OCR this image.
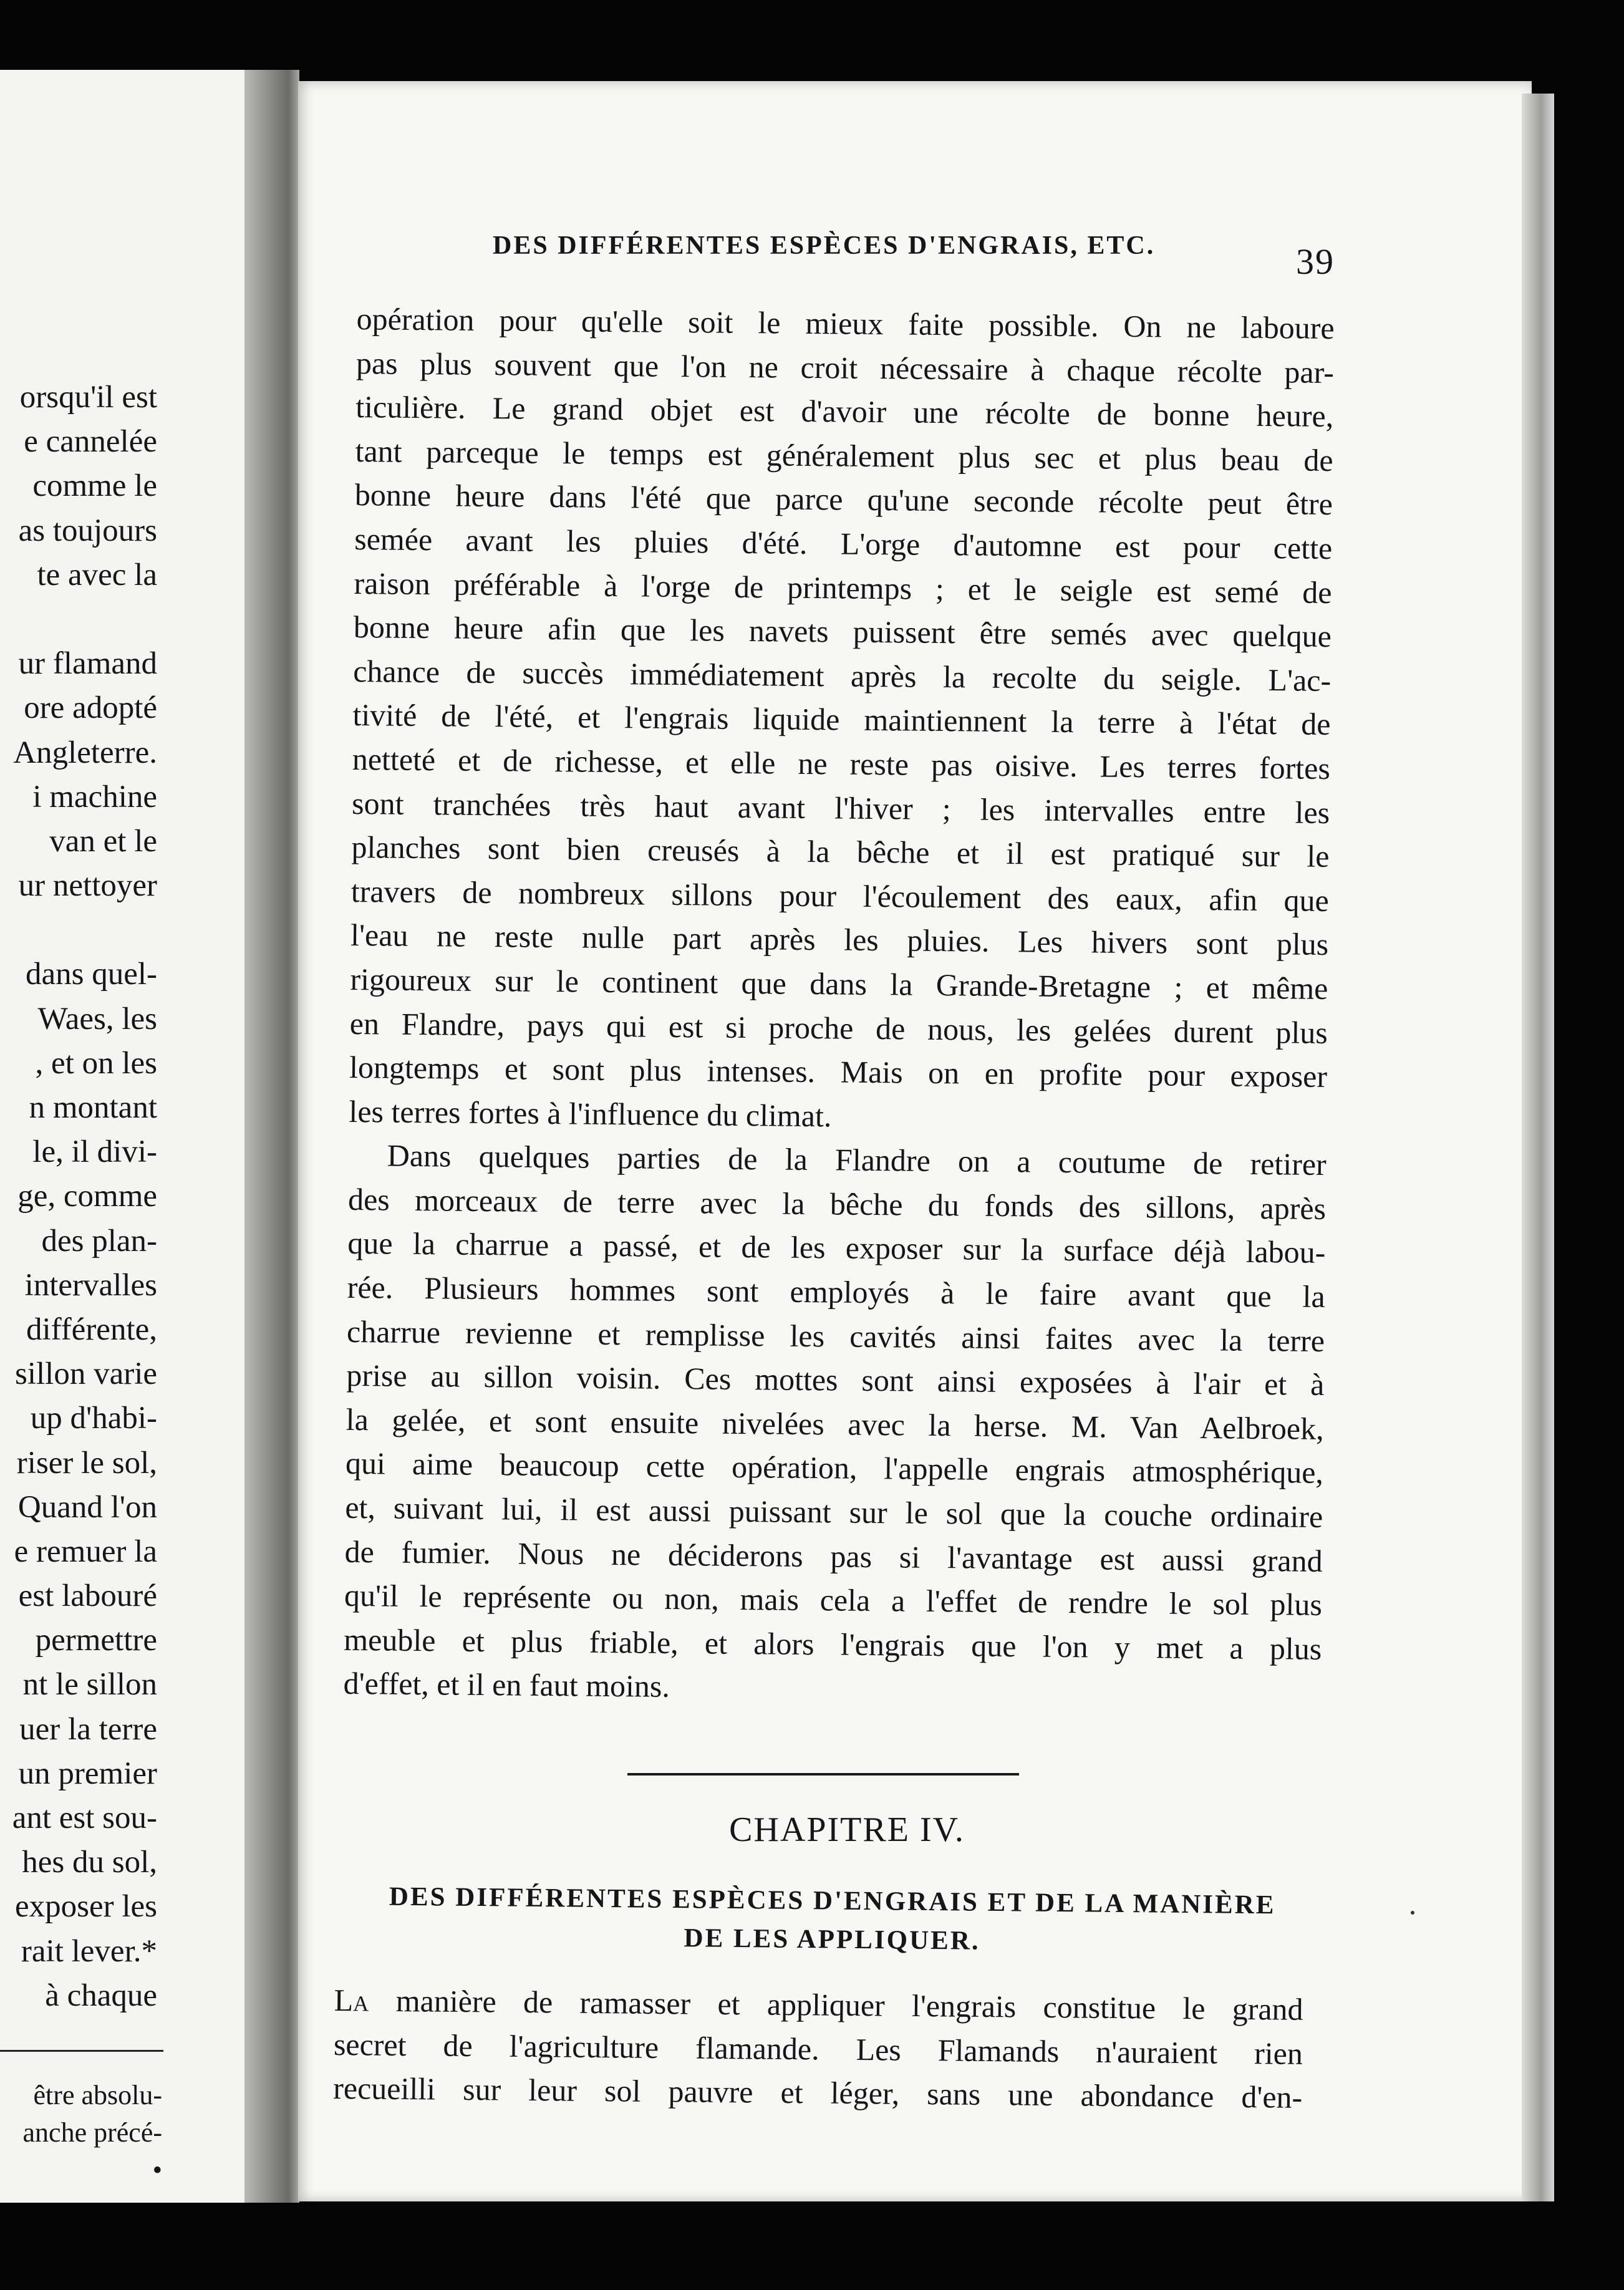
orsqu'il est
e cannelée
comme le
as toujours
te avec la
ur flamand
ore adopté
Angleterre.
i machine
van et le
ur nettoyer
dans quel-
Waes, les
, et on les
n montant
le, il divi-
ge, comme
des plan-
intervalles
différente,
sillon varie
up d'habi-
riser le sol,
Quand l'on
e remuer la
est labouré
permettre
nt le sillon
uer la terre
un premier
ant est sou-
hes du sol,
exposer les
rait lever.*
à chaque
être absolu-
anche précé-
•
DES DIFFÉRENTES ESPÈCES D'ENGRAIS, ETC.	39
opération pour qu'elle soit le mieux faite possible. On ne laboure
pas plus souvent que l'on ne croit nécessaire à chaque récolte par-
ticulière. Le grand objet est d'avoir une récolte de bonne heure,
tant parceque le temps est généralement plus sec et plus beau de
bonne heure dans l'été que parce qu'une seconde récolte peut être
semée avant les pluies d'été. L'orge d'automne est pour cette
raison préférable à l'orge de printemps ; et le seigle est semé de
bonne heure afin que les navets puissent être semés avec quelque
chance de succès immédiatement après la recolte du seigle. L'ac-
tivité de l'été, et l'engrais liquide maintiennent la terre à l'état de
netteté et de richesse, et elle ne reste pas oisive. Les terres fortes
sont tranchées très haut avant l'hiver ; les intervalles entre les
planches sont bien creusés à la bêche et il est pratiqué sur le
travers de nombreux sillons pour l'écoulement des eaux, afin que
l'eau ne reste nulle part après les pluies. Les hivers sont plus
rigoureux sur le continent que dans la Grande-Bretagne ; et même
en Flandre, pays qui est si proche de nous, les gelées durent plus
longtemps et sont plus intenses. Mais on en profite pour exposer
les terres fortes à l'influence du climat.
Dans quelques parties de la Flandre on a coutume de retirer
des morceaux de terre avec la bêche du fonds des sillons, après
que la charrue a passé, et de les exposer sur la surface déjà labou-
rée. Plusieurs hommes sont employés à le faire avant que la
charrue revienne et remplisse les cavités ainsi faites avec la terre
prise au sillon voisin. Ces mottes sont ainsi exposées à l'air et à
la gelée, et sont ensuite nivelées avec la herse. M. Van Aelbroek,
qui aime beaucoup cette opération, l'appelle engrais atmosphérique,
et, suivant lui, il est aussi puissant sur le sol que la couche ordinaire
de fumier. Nous ne déciderons pas si l'avantage est aussi grand
qu'il le représente ou non, mais cela a l'effet de rendre le sol plus
meuble et plus friable, et alors l'engrais que l'on y met a plus
d'effet, et il en faut moins.
CHAPITRE IV.
DES DIFFÉRENTES ESPÈCES D'ENGRAIS ET DE LA MANIÈRE
DE LES APPLIQUER.
La manière de ramasser et appliquer l'engrais constitue le grand
secret de l'agriculture flamande. Les Flamands n'auraient rien
recueilli sur leur sol pauvre et léger, sans une abondance d'en-
